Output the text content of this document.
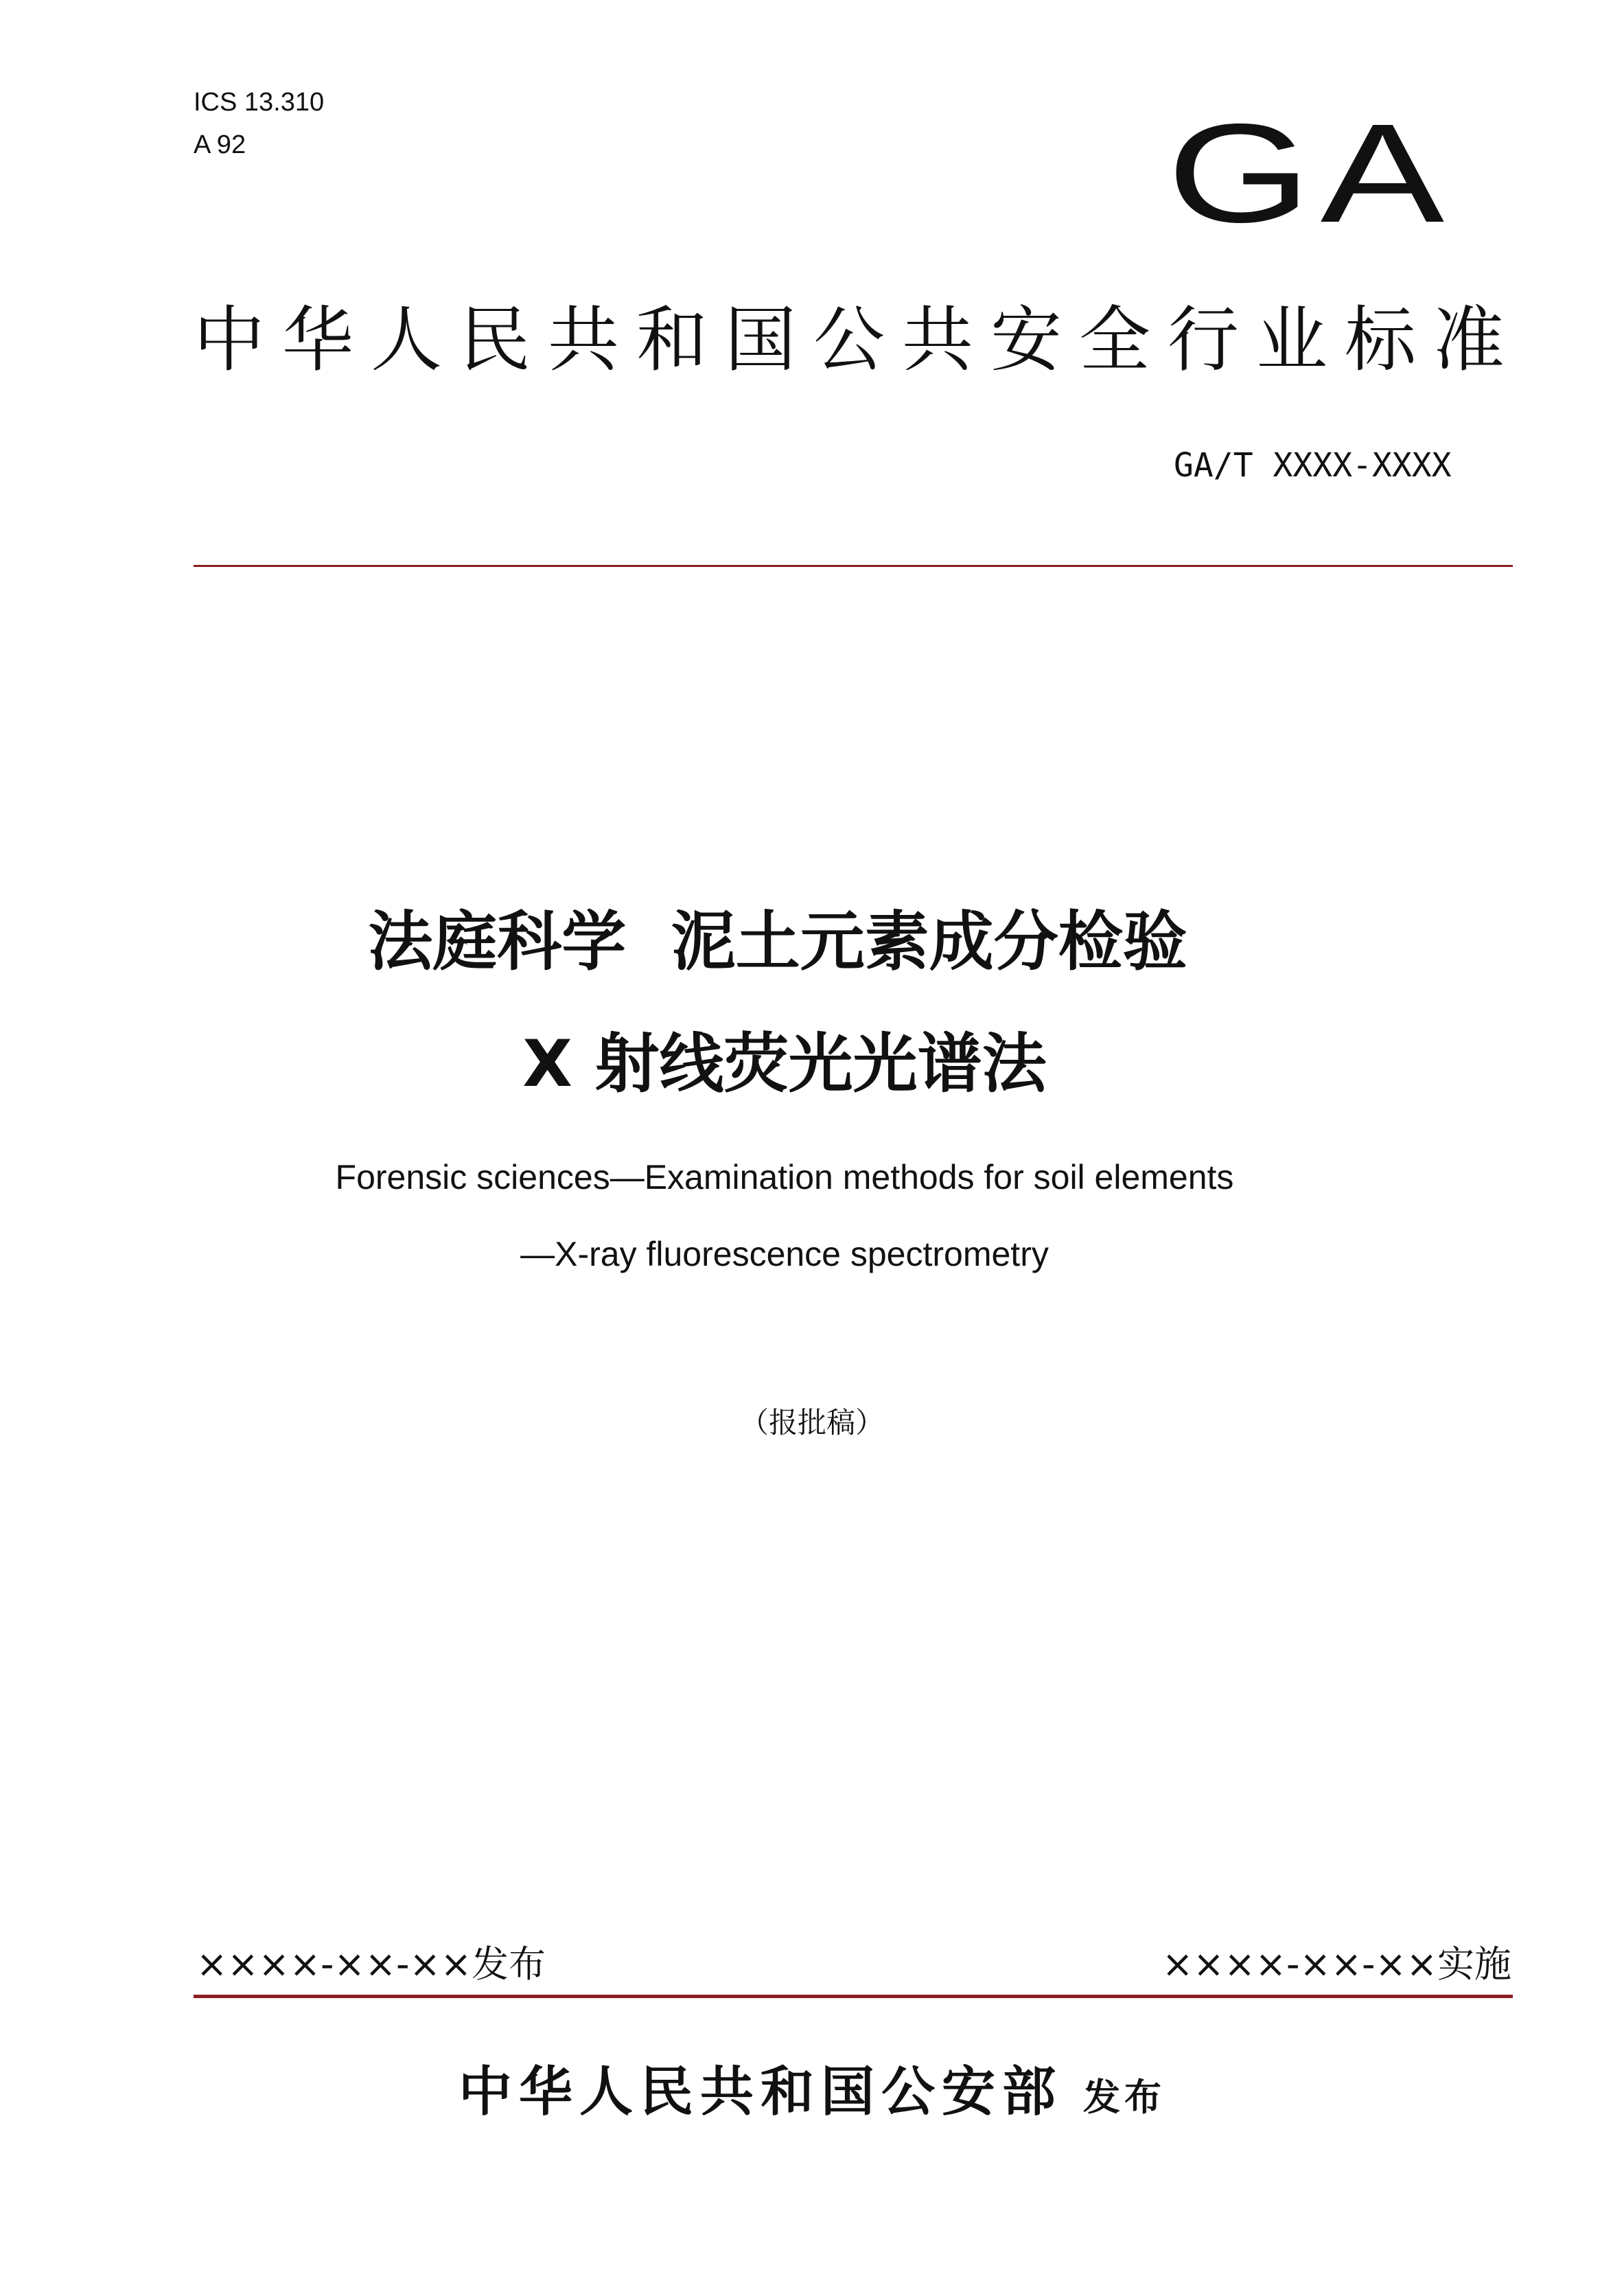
ICS 13.310
A 92	GA
中华人民共和国公共安全行业标准
GA/T XXXX-XXXX
法庭科学  泥土元素成分检验
X 射线荧光光谱法
Forensic sciences—Examination methods for soil elements
—X-ray fluorescence spectrometry
（报批稿）
××××-××-××发布	××××-××-××实施
中华人民共和国公安部 发布
